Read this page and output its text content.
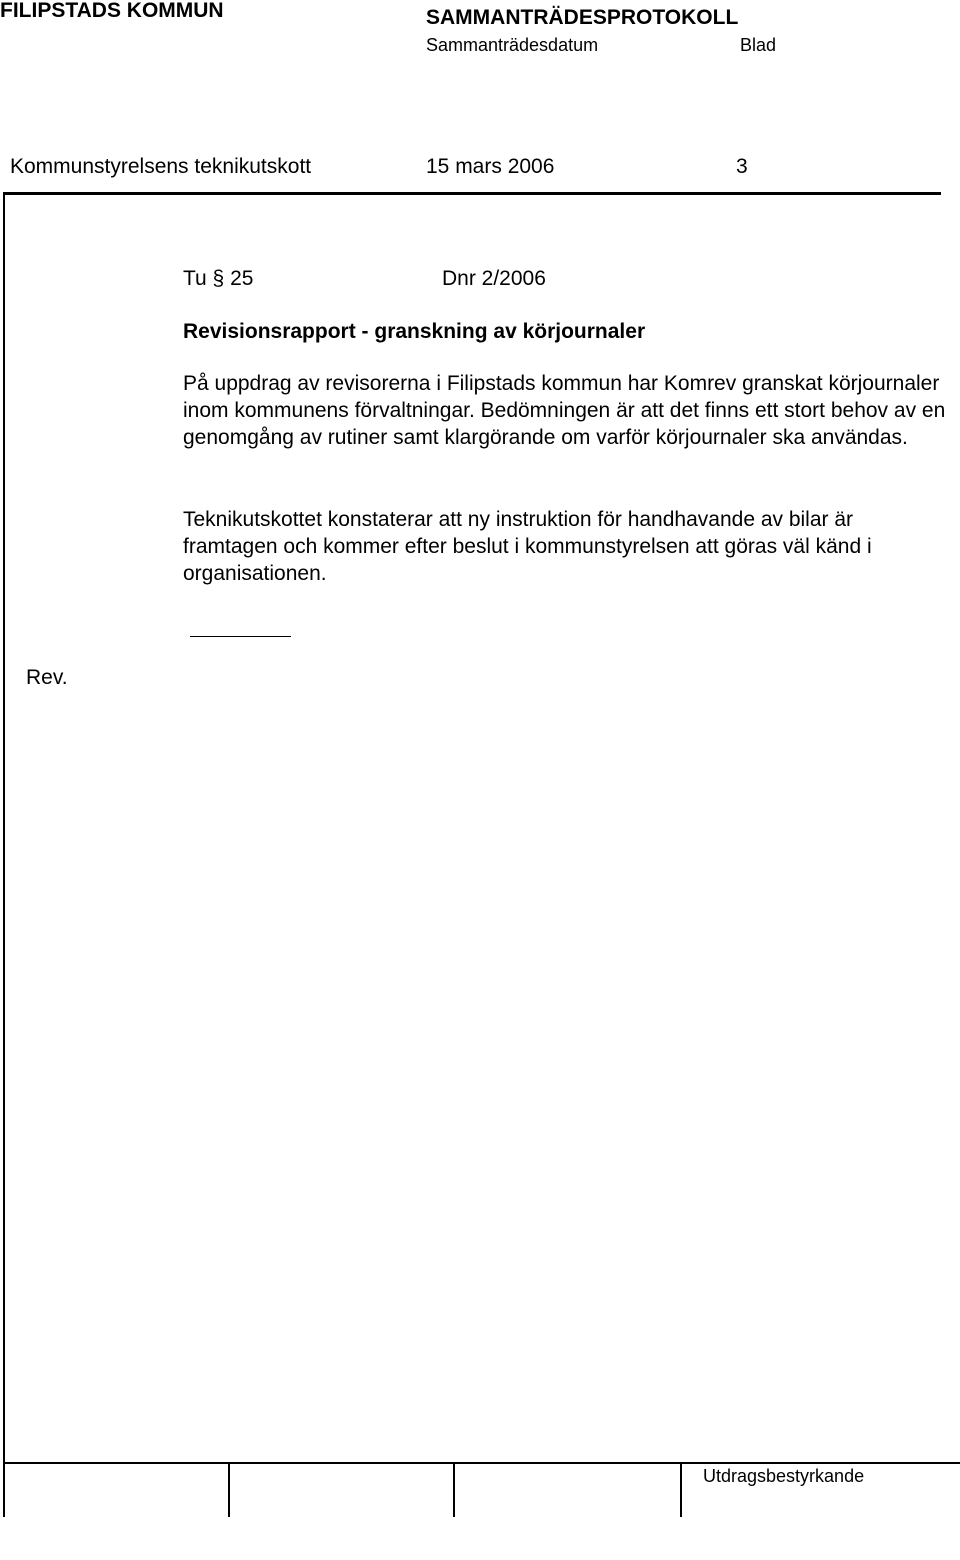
FILIPSTADS KOMMUN	SAMMANTRÄDESPROTOKOLL
Sammanträdesdatum	Blad
Kommunstyrelsens teknikutskott	15 mars 2006	3
Tu § 25	Dnr 2/2006
Revisionsrapport - granskning av körjournaler

På uppdrag av revisorerna i Filipstads kommun har Komrev granskat körjournaler inom kommunens förvaltningar. Bedömningen är att det finns ett stort behov av en genomgång av rutiner samt klargörande om varför körjournaler ska användas.

Teknikutskottet konstaterar att ny instruktion för handhavande av bilar är framtagen och kommer efter beslut i kommunstyrelsen att göras väl känd i organisationen.

Rev.
Utdragsbestyrkande
